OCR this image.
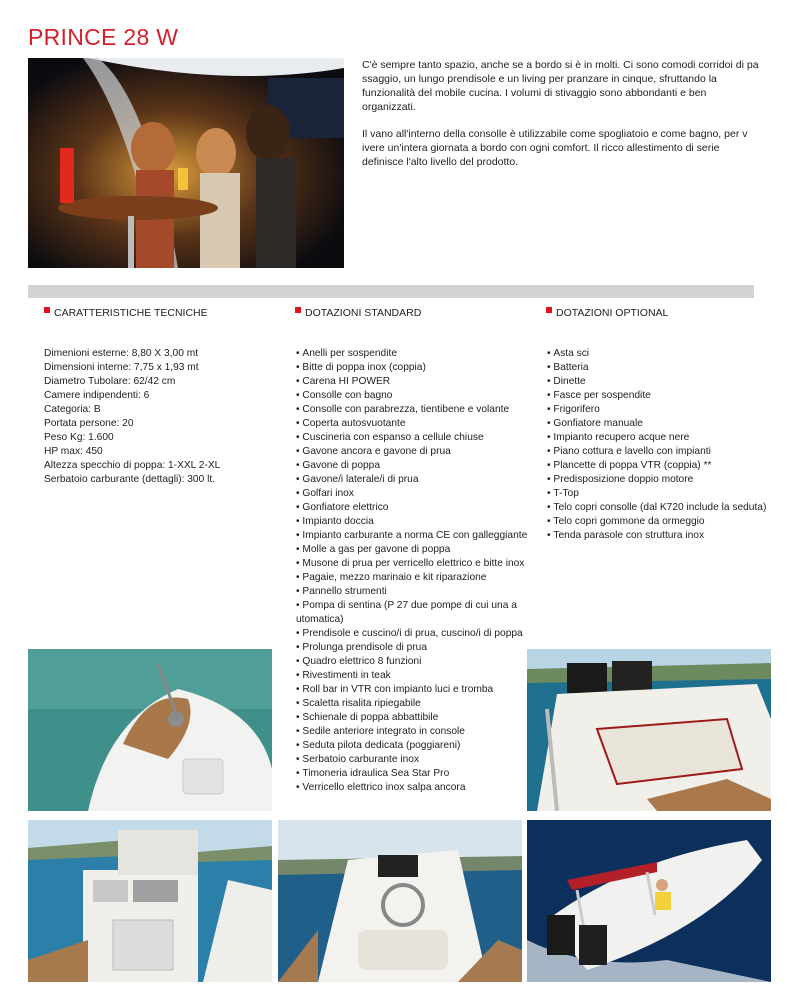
PRINCE 28 W

C'è sempre tanto spazio, anche se a bordo si è in molti. Ci sono comodi corridoi di pa ssaggio, un lungo prendisole e un living per pranzare in cinque, sfruttando la funzionalità del mobile cucina. I volumi di stivaggio sono abbondanti e ben organizzati.

Il vano all'interno della consolle è utilizzabile come spogliatoio e come bagno, per v ivere un'intera giornata a bordo con ogni comfort. Il ricco allestimento di serie definisce l'alto livello del prodotto.

CARATTERISTICHE TECNICHE	DOTAZIONI STANDARD	DOTAZIONI OPTIONAL
Dimenioni esterne: 8,80 X 3,00 mt
Dimensioni interne: 7,75 x 1,93 mt
Diametro Tubolare: 62/42 cm
Camere indipendenti: 6
Categoria: B
Portata persone: 20
Peso Kg: 1.600
HP max: 450
Altezza specchio di poppa: 1-XXL 2-XL
Serbatoio carburante (dettagli): 300 lt.
• Anelli per sospendite
• Bitte di poppa inox (coppia)
• Carena HI POWER
• Consolle con bagno
• Consolle con parabrezza, tientibene e volante
• Coperta autosvuotante
• Cuscineria con espanso a cellule chiuse
• Gavone ancora e gavone di prua
• Gavone di poppa
• Gavone/i laterale/i di prua
• Golfari inox
• Gonfiatore elettrico
• Impianto doccia
• Impianto carburante a norma CE con galleggiante
• Molle a gas per gavone di poppa
• Musone di prua per verricello elettrico e bitte inox
• Pagaie, mezzo marinaio e kit riparazione
• Pannello strumenti
• Pompa di sentina (P 27 due pompe di cui una a utomatica)
• Prendisole e cuscino/i di prua, cuscino/i di poppa
• Prolunga prendisole di prua
• Quadro elettrico 8 funzioni
• Rivestimenti in teak
• Roll bar in VTR con impianto luci e tromba
• Scaletta risalita ripiegabile
• Schienale di poppa abbattibile
• Sedile anteriore integrato in console
• Seduta pilota dedicata (poggiareni)
• Serbatoio carburante inox
• Timoneria idraulica Sea Star Pro
• Verricello elettrico inox salpa ancora
• Asta sci
• Batteria
• Dinette
• Fasce per sospendite
• Frigorifero
• Gonfiatore manuale
• Impianto recupero acque nere
• Piano cottura e lavello con impianti
• Plancette di poppa VTR (coppia) **
• Predisposizione doppio motore
• T-Top
• Telo copri consolle (dal K720 include la seduta)
• Telo copri gommone da ormeggio
• Tenda parasole con struttura inox
